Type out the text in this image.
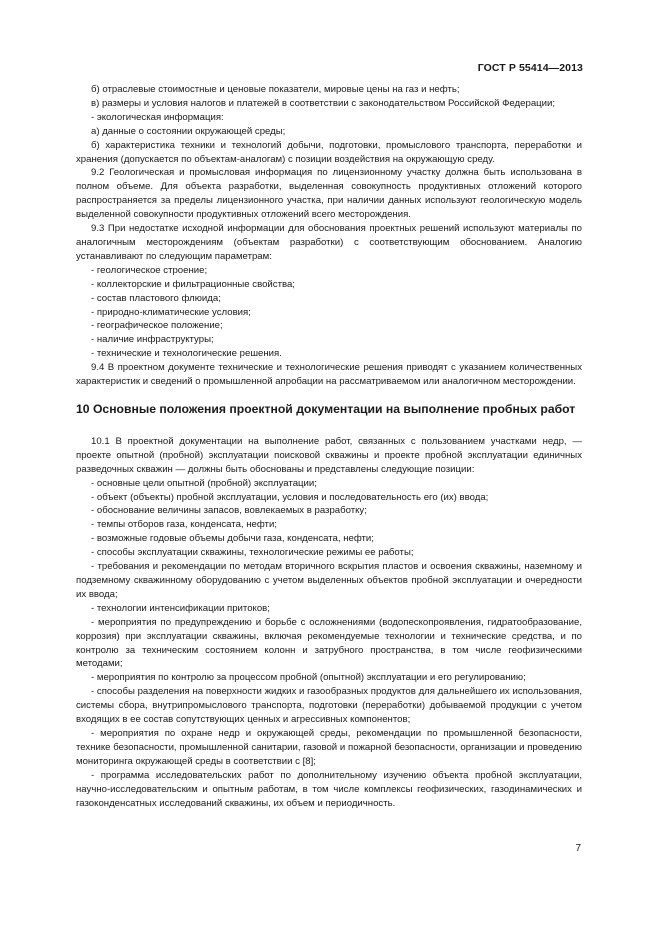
ГОСТ Р 55414—2013

б) отраслевые стоимостные и ценовые показатели, мировые цены на газ и нефть;

в) размеры и условия налогов и платежей в соответствии с законодательством Российской Федерации;

- экологическая информация:

а) данные о состоянии окружающей среды;

б) характеристика техники и технологий добычи, подготовки, промыслового транспорта, переработки и хранения (допускается по объектам-аналогам) с позиции воздействия на окружающую среду.

9.2 Геологическая и промысловая информация по лицензионному участку должна быть использована в полном объеме. Для объекта разработки, выделенная совокупность продуктивных отложений которого распространяется за пределы лицензионного участка, при наличии данных используют геологическую модель выделенной совокупности продуктивных отложений всего месторождения.

9.3 При недостатке исходной информации для обоснования проектных решений используют материалы по аналогичным месторождениям (объектам разработки) с соответствующим обоснованием. Аналогию устанавливают по следующим параметрам:

- геологическое строение;

- коллекторские и фильтрационные свойства;

- состав пластового флюида;

- природно-климатические условия;

- географическое положение;

- наличие инфраструктуры;

- технические и технологические решения.

9.4 В проектном документе технические и технологические решения приводят с указанием количественных характеристик и сведений о промышленной апробации на рассматриваемом или аналогичном месторождении.

10 Основные положения проектной документации на выполнение пробных работ

10.1 В проектной документации на выполнение работ, связанных с пользованием участками недр, — проекте опытной (пробной) эксплуатации поисковой скважины и проекте пробной эксплуатации единичных разведочных скважин — должны быть обоснованы и представлены следующие позиции:

- основные цели опытной (пробной) эксплуатации;

- объект (объекты) пробной эксплуатации, условия и последовательность его (их) ввода;

- обоснование величины запасов, вовлекаемых в разработку;

- темпы отборов газа, конденсата, нефти;

- возможные годовые объемы добычи газа, конденсата, нефти;

- способы эксплуатации скважины, технологические режимы ее работы;

- требования и рекомендации по методам вторичного вскрытия пластов и освоения скважины, наземному и подземному скважинному оборудованию с учетом выделенных объектов пробной эксплуатации и очередности их ввода;

- технологии интенсификации притоков;

- мероприятия по предупреждению и борьбе с осложнениями (водопескопроявления, гидратообразование, коррозия) при эксплуатации скважины, включая рекомендуемые технологии и технические средства, и по контролю за техническим состоянием колонн и затрубного пространства, в том числе геофизическими методами;

- мероприятия по контролю за процессом пробной (опытной) эксплуатации и его регулированию;

- способы разделения на поверхности жидких и газообразных продуктов для дальнейшего их использования, системы сбора, внутрипромыслового транспорта, подготовки (переработки) добываемой продукции с учетом входящих в ее состав сопутствующих ценных и агрессивных компонентов;

- мероприятия по охране недр и окружающей среды, рекомендации по промышленной безопасности, технике безопасности, промышленной санитарии, газовой и пожарной безопасности, организации и проведению мониторинга окружающей среды в соответствии с [8];

- программа исследовательских работ по дополнительному изучению объекта пробной эксплуатации, научно-исследовательским и опытным работам, в том числе комплексы геофизических, газодинамических и газоконденсатных исследований скважины, их объем и периодичность.

7
